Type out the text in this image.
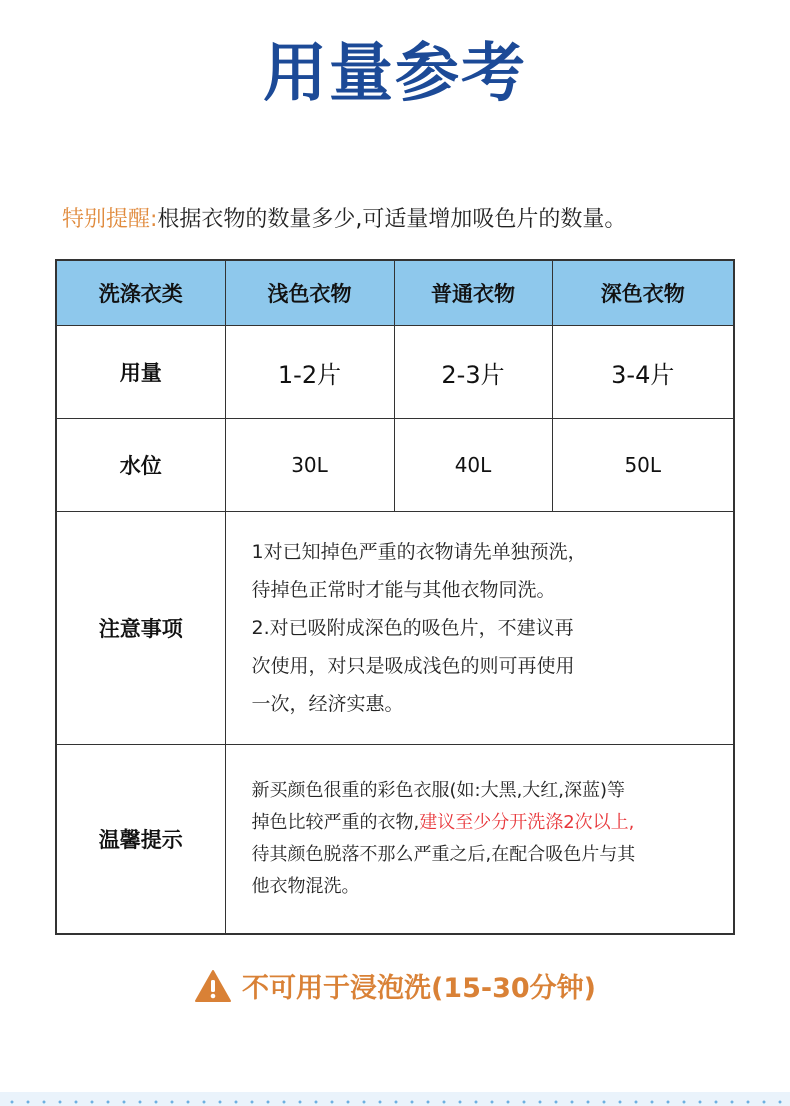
用量参考
特别提醒:根据衣物的数量多少,可适量增加吸色片的数量。
洗涤衣类	浅色衣物	普通衣物	深色衣物
用量	1-2片	2-3片	3-4片
水位	30L	40L	50L
注意事项	1对已知掉色严重的衣物请先单独预洗，
待掉色正常时才能与其他衣物同洗。
2.对已吸附成深色的吸色片，不建议再
次使用，对只是吸成浅色的则可再使用
一次，经济实惠。		

温馨提示	新买颜色很重的彩色衣服(如:大黑,大红,深蓝)等
掉色比较严重的衣物,建议至少分开洗涤2次以上,
待其颜色脱落不那么严重之后,在配合吸色片与其
他衣物混洗。		
不可用于浸泡洗(15-30分钟)
